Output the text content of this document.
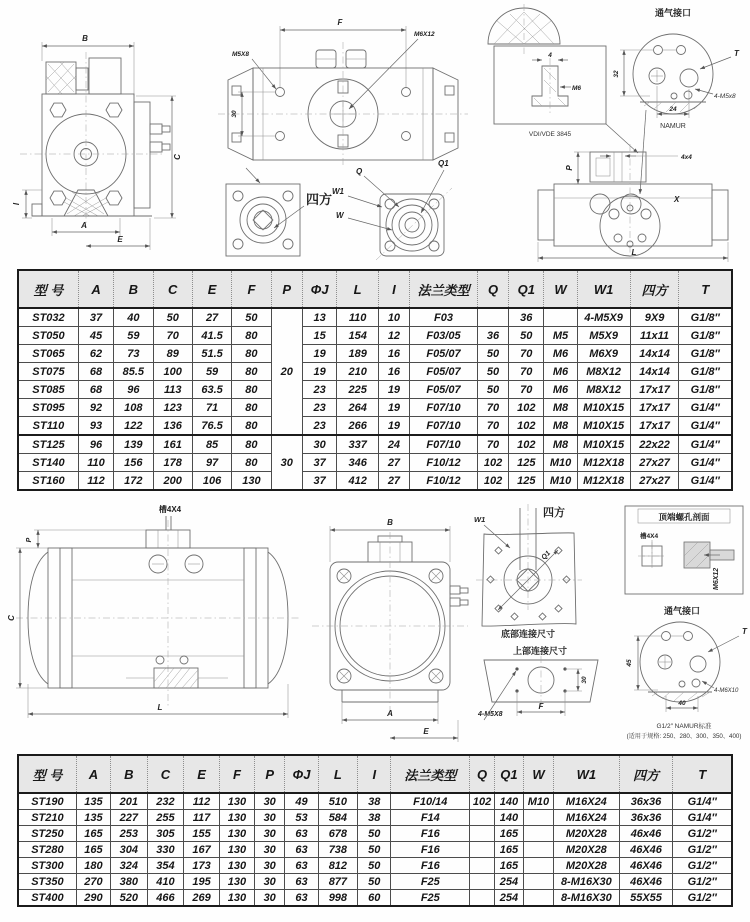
B
C
I
A
E
F
M5X8
M6X12
30
四方
Q
Q1
W1
W
4
M6
VDI/VDE 3845
通气接口
32
24
NAMUR
T
4-M5x8
4x4
P
X
L
型 号	A	B	C	E	F	P	ΦJ	L	I	法兰类型	Q	Q1	W	W1	四方	T
ST032	37	40	50	27	50	20	13	110	10	F03		36		4-M5X9	9X9	G1/8″
ST050	45	59	70	41.5	80		15	154	12	F03/05	36	50	M5	M5X9	11x11	G1/8″
ST065	62	73	89	51.5	80		19	189	16	F05/07	50	70	M6	M6X9	14x14	G1/8″
ST075	68	85.5	100	59	80		19	210	16	F05/07	50	70	M6	M8X12	14x14	G1/8″
ST085	68	96	113	63.5	80		23	225	19	F05/07	50	70	M6	M8X12	17x17	G1/8″
ST095	92	108	123	71	80		23	264	19	F07/10	70	102	M8	M10X15	17x17	G1/4″
ST110	93	122	136	76.5	80		23	266	19	F07/10	70	102	M8	M10X15	17x17	G1/4″
ST125	96	139	161	85	80	30	30	337	24	F07/10	70	102	M8	M10X15	22x22	G1/4″
ST140	110	156	178	97	80		37	346	27	F10/12	102	125	M10	M12X18	27x27	G1/4″
ST160	112	172	200	106	130		37	412	27	F10/12	102	125	M10	M12X18	27x27	G1/4″
槽4X4
P
C
L
B
A
E
W1
四方
Q1
底部连接尺寸
上部连接尺寸
30
4-M5X8
F
顶端螺孔剖面
槽4X4
M6X12
通气接口
45
40
T
4-M6X10
G1/2″ NAMUR标准
(适用于规格: 250、280、300、350、400)
型 号	A	B	C	E	F	P	ΦJ	L	I	法兰类型	Q	Q1	W	W1	四方	T
ST190	135	201	232	112	130	30	49	510	38	F10/14	102	140	M10	M16X24	36x36	G1/4″
ST210	135	227	255	117	130	30	53	584	38	F14		140		M16X24	36x36	G1/4″
ST250	165	253	305	155	130	30	63	678	50	F16		165		M20X28	46x46	G1/2″
ST280	165	304	330	167	130	30	63	738	50	F16		165		M20X28	46X46	G1/2″
ST300	180	324	354	173	130	30	63	812	50	F16		165		M20X28	46X46	G1/2″
ST350	270	380	410	195	130	30	63	877	50	F25		254		8-M16X30	46X46	G1/2″
ST400	290	520	466	269	130	30	63	998	60	F25		254		8-M16X30	55X55	G1/2″
